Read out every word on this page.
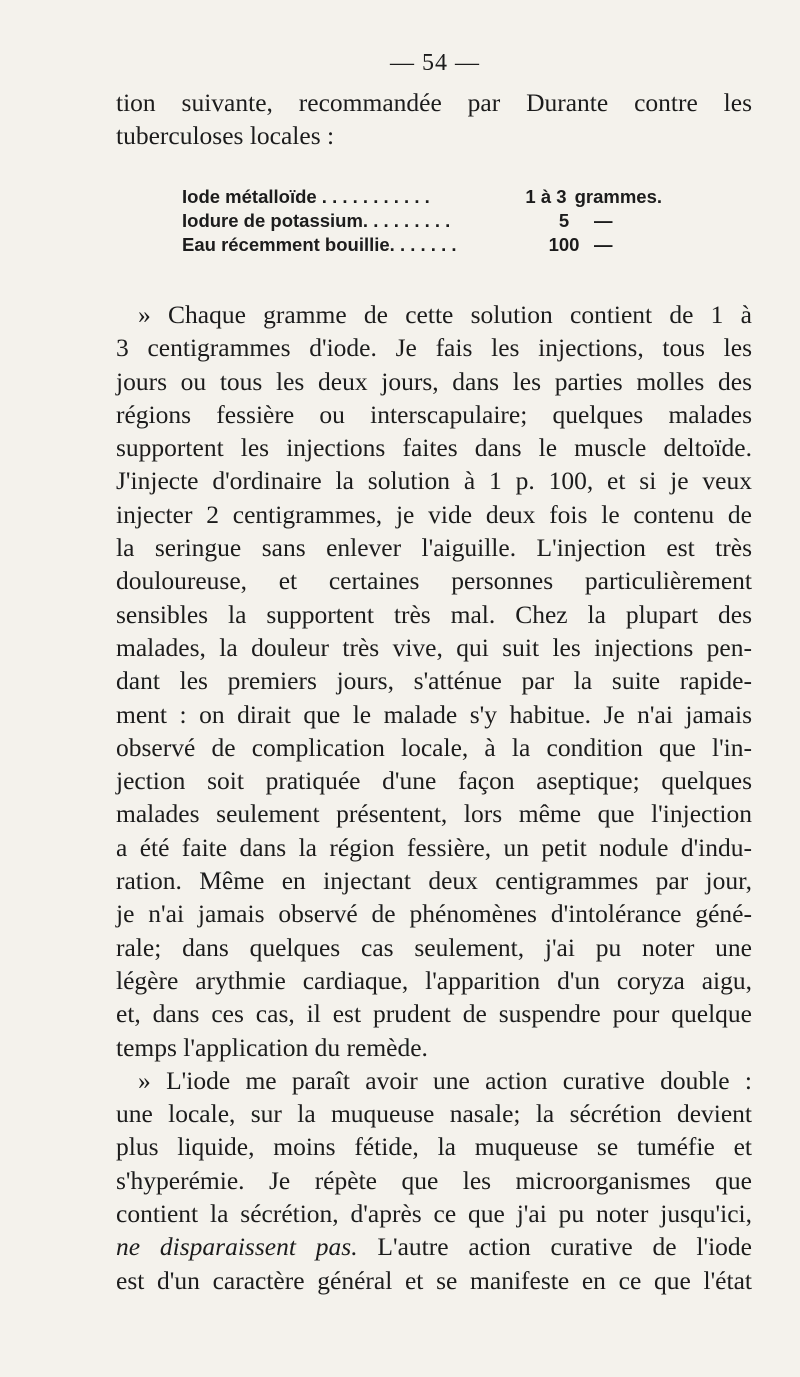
— 54 —
tion suivante, recommandée par Durante contre les
tuberculoses locales :
Iode métalloïde . . . . . . . . . . .	1 à 3 grammes.
Iodure de potassium. . . . . . . . .	5	—
Eau récemment bouillie. . . . . . .	100 —
» Chaque gramme de cette solution contient de 1 à
3 centigrammes d'iode. Je fais les injections, tous les
jours ou tous les deux jours, dans les parties molles des
régions fessière ou interscapulaire; quelques malades
supportent les injections faites dans le muscle deltoïde.
J'injecte d'ordinaire la solution à 1 p. 100, et si je veux
injecter 2 centigrammes, je vide deux fois le contenu de
la seringue sans enlever l'aiguille. L'injection est très
douloureuse, et certaines personnes particulièrement
sensibles la supportent très mal. Chez la plupart des
malades, la douleur très vive, qui suit les injections pen-
dant les premiers jours, s'atténue par la suite rapide-
ment : on dirait que le malade s'y habitue. Je n'ai jamais
observé de complication locale, à la condition que l'in-
jection soit pratiquée d'une façon aseptique; quelques
malades seulement présentent, lors même que l'injection
a été faite dans la région fessière, un petit nodule d'indu-
ration. Même en injectant deux centigrammes par jour,
je n'ai jamais observé de phénomènes d'intolérance géné-
rale; dans quelques cas seulement, j'ai pu noter une
légère arythmie cardiaque, l'apparition d'un coryza aigu,
et, dans ces cas, il est prudent de suspendre pour quelque
temps l'application du remède.
» L'iode me paraît avoir une action curative double :
une locale, sur la muqueuse nasale; la sécrétion devient
plus liquide, moins fétide, la muqueuse se tuméfie et
s'hyperémie. Je répète que les microorganismes que
contient la sécrétion, d'après ce que j'ai pu noter jusqu'ici,
ne disparaissent pas. L'autre action curative de l'iode
est d'un caractère général et se manifeste en ce que l'état
